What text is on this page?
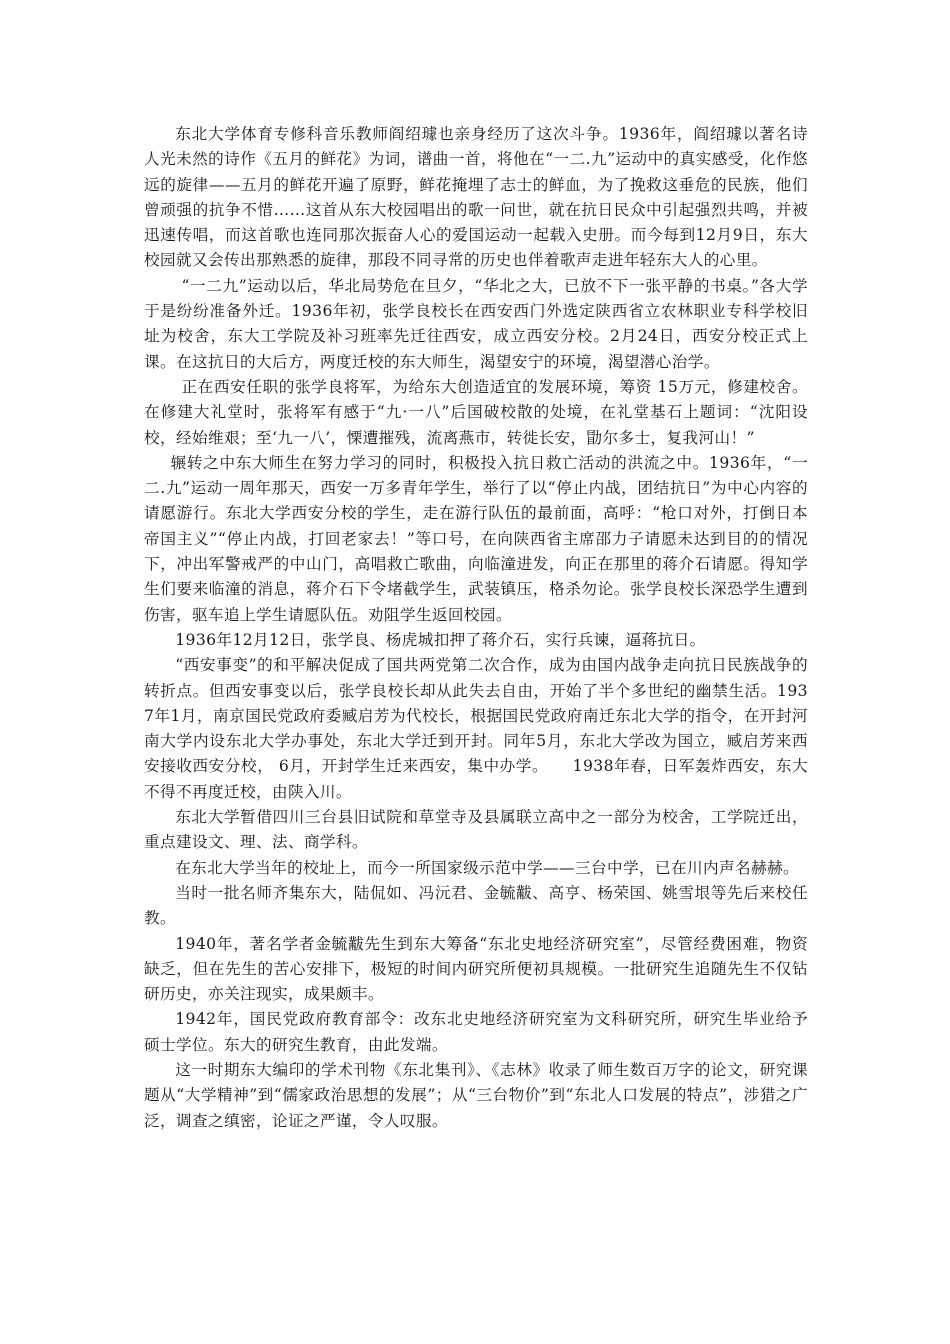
东北大学体育专修科音乐教师阎绍璩也亲身经历了这次斗争。1936年，阎绍璩以著名诗人光未然的诗作《五月的鲜花》为词，谱曲一首，将他在“一二.九”运动中的真实感受，化作悠远的旋律——五月的鲜花开遍了原野，鲜花掩埋了志士的鲜血，为了挽救这垂危的民族，他们曾顽强的抗争不惜……这首从东大校园唱出的歌一问世，就在抗日民众中引起强烈共鸣，并被迅速传唱，而这首歌也连同那次振奋人心的爱国运动一起载入史册。而今每到12月9日，东大校园就又会传出那熟悉的旋律，那段不同寻常的历史也伴着歌声走进年轻东大人的心里。

“一二九”运动以后，华北局势危在旦夕，“华北之大，已放不下一张平静的书桌。”各大学于是纷纷准备外迁。1936年初，张学良校长在西安西门外选定陕西省立农林职业专科学校旧址为校舍，东大工学院及补习班率先迁往西安，成立西安分校。2月24日，西安分校正式上课。在这抗日的大后方，两度迁校的东大师生，渴望安宁的环境，渴望潜心治学。

正在西安任职的张学良将军，为给东大创造适宜的发展环境，筹资 15万元，修建校舍。在修建大礼堂时，张将军有感于“九·一八”后国破校散的处境，在礼堂基石上题词：“沈阳设校，经始维艰；至‘九一八’，慄遭摧残，流离燕市，转徙长安，勖尔多士，复我河山！”

辗转之中东大师生在努力学习的同时，积极投入抗日救亡活动的洪流之中。1936年，“一二.九”运动一周年那天，西安一万多青年学生，举行了以“停止内战，团结抗日”为中心内容的请愿游行。东北大学西安分校的学生，走在游行队伍的最前面，高呼：“枪口对外，打倒日本帝国主义”“停止内战，打回老家去！”等口号，在向陕西省主席邵力子请愿未达到目的的情况下，冲出军警戒严的中山门，高唱救亡歌曲，向临潼进发，向正在那里的蒋介石请愿。得知学生们要来临潼的消息，蒋介石下令堵截学生，武装镇压，格杀勿论。张学良校长深恐学生遭到伤害，驱车追上学生请愿队伍。劝阻学生返回校园。

1936年12月12日，张学良、杨虎城扣押了蒋介石，实行兵谏，逼蒋抗日。

“西安事变”的和平解决促成了国共两党第二次合作，成为由国内战争走向抗日民族战争的转折点。但西安事变以后，张学良校长却从此失去自由，开始了半个多世纪的幽禁生活。1937年1月，南京国民党政府委臧启芳为代校长，根据国民党政府南迁东北大学的指令，在开封河南大学内设东北大学办事处，东北大学迁到开封。同年5月，东北大学改为国立，臧启芳来西安接收西安分校， 6月，开封学生迁来西安，集中办学。　　1938年春，日军轰炸西安，东大不得不再度迁校，由陕入川。

东北大学暂借四川三台县旧试院和草堂寺及县属联立高中之一部分为校舍，工学院迁出，重点建设文、理、法、商学科。

在东北大学当年的校址上，而今一所国家级示范中学——三台中学，已在川内声名赫赫。

当时一批名师齐集东大，陆侃如、冯沅君、金毓黻、高亨、杨荣国、姚雪垠等先后来校任教。

1940年，著名学者金毓黻先生到东大筹备“东北史地经济研究室”，尽管经费困难，物资缺乏，但在先生的苦心安排下，极短的时间内研究所便初具规模。一批研究生追随先生不仅钻研历史，亦关注现实，成果颇丰。

1942年，国民党政府教育部令：改东北史地经济研究室为文科研究所，研究生毕业给予硕士学位。东大的研究生教育，由此发端。

这一时期东大编印的学术刊物《东北集刊》、《志林》收录了师生数百万字的论文，研究课题从“大学精神”到“儒家政治思想的发展”；从“三台物价”到“东北人口发展的特点”，涉猎之广泛，调查之缜密，论证之严谨，令人叹服。
